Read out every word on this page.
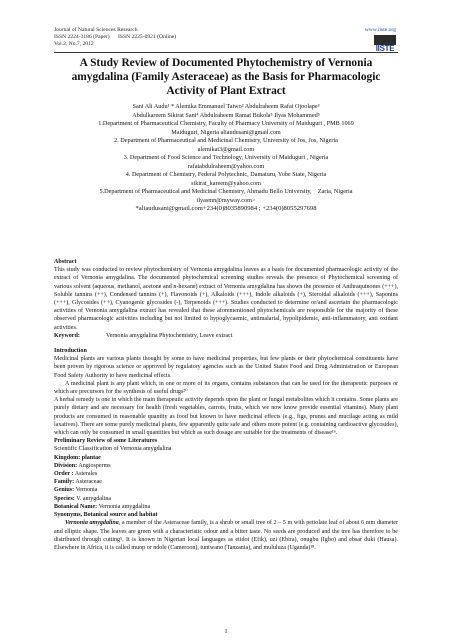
Journal of Natural Sciences Research
ISSN 2224-3186 (Paper)      ISSN 2225-0921 (Online)
Vol.2, No.7, 2012
www.iiste.org
IISTE
A Study Review of Documented Phytochemistry of Vernonia
amygdalina (Family Asteraceae) as the Basis for Pharmacologic
Activity of Plant Extract
Sani Ali Audu¹ * Alemika Emmanuel Taiwo² Abdulraheem Rafat Ojoolape³
Abdulkareem Sikirat Sani⁴ Abdulraheem Ramat Bukola⁵ Ilyas Mohammed⁵
1.Department of Pharmaceutical Chemistry, Faculty of Pharmacy University of Maiduguri , PMB 1069
Maiduguri, Nigeria aliaudusani@gmail.com
2. Department of Pharmaceutical and Medicinal Chemistry, University of Jos, Jos, Nigeria
alemikat3@gmail.com
3. Department of Food Science and Technology, University of Maiduguri , Nigeria
rafatabdulraheem@yahoo.com
4. Department of Chemistry, Federal Polytechnic, Damaturu, Yobe State, Nigeria
sikirat_kareem@yahoo.com
5.Department of Pharmaceutical and Medicinal Chemistry, Ahmadu Bello University,    Zaria, Nigeria
ilyasmn@myway.com>
*aliaudusani@gmail.com+234(0)8035890984 ; +234(0)8055297698

Abstract

This study was conducted to review phytochemistry of Vernonia amygdalina leaves as a basis for documented pharmacologic activity of the extract of Vernonia amygdalina. The documented phytochemical screening studies reveals the presence of Phytochemical screening of various solvent (aqueous, methanol, acetone and n-hexane) extract of Vernonia amygdalina has shown the presence of Anthraquinones (+++), Soluble tannins (++), Condensed tannins (+), Flavonoids (+), Alkaloids (+++), Indole alkaloids (+), Steroidal alkaloids (+++), Saponins (+++), Glycosides (++), Cyanogenic glycosides (-), Terpenoids (+++). Studies conducted to determine or/and ascertain the pharmacologic activities of Vernonia amygdalina extract has revealed that these aforementioned phytochemicals are responsible for the majority of these observed pharmacologic activities including but not limited to hypoglycaemic, antimalarial, hypolipidemic, anti-inflammatory, anti oxidant activities.

Keyword:	Vernonia amygdalina Phytochemistry, Leave extract

Introduction

Medicinal plants are various plants thought by some to have medicinal properties, but few plants or their phytochemical constituents have been proven by rigorous science or approved by regulatory agencies such as the United States Food and Drug Administration or European Food Safety Authority to have medicinal effects.

A medicinal plant is any plant which, in one or more of its organs, contains substances that can be used for the therapeutic purposes or which are precursors for the synthesis of useful drugs²⁰

A herbal remedy is one in which the main therapeutic activity depends upon the plant or fungal metabolites which it contains. Some plants are purely dietary and are necessary for health (fresh vegetables, carrots, fruits, which we now know provide essential vitamins). Many plant products are consumed in reasonable quantity as food but known to have medicinal effects (e.g., figs, prunes and mucilage acting as mild laxatives). There are some purely medicinal plants, few apparently quite safe and others more potent (e.g. containing cardioactive glycosides), which can only be consumed in small quantities but which as such dosage are suitable for the treatments of disease¹⁶.

Preliminary Review of some Literatures

Scientific Classification of Vernonia amygdalina

Kingdom: plantae

Division: Angiosperms

Order : Asterales

Family: Asteraceae

Genius: Vernonia

Species: V. amygdalina

Botanical Name: Vernonia amygdalina

Synonyms, Botanical source and habitat

Vernonia amygdalina, a member of the Asteraceae family, is a shrub or small tree of 2 – 5 m with petiolate leaf of about 6 mm diameter and elliptic shape. The leaves are green with a characteristic odour and a bitter taste. No seeds are produced and the tree has therefore to be distributed through cutting⁵. It is known in Nigerian local languages as etidot (Efik), uzi (Ebira), onugbu (Igbo) and ebsar duki (Hausa). Elsewhere in Africa, it is called muop or ndole (Cameroon), tuntwano (Tanzania), and mululuza (Uganda)¹⁸.

1
